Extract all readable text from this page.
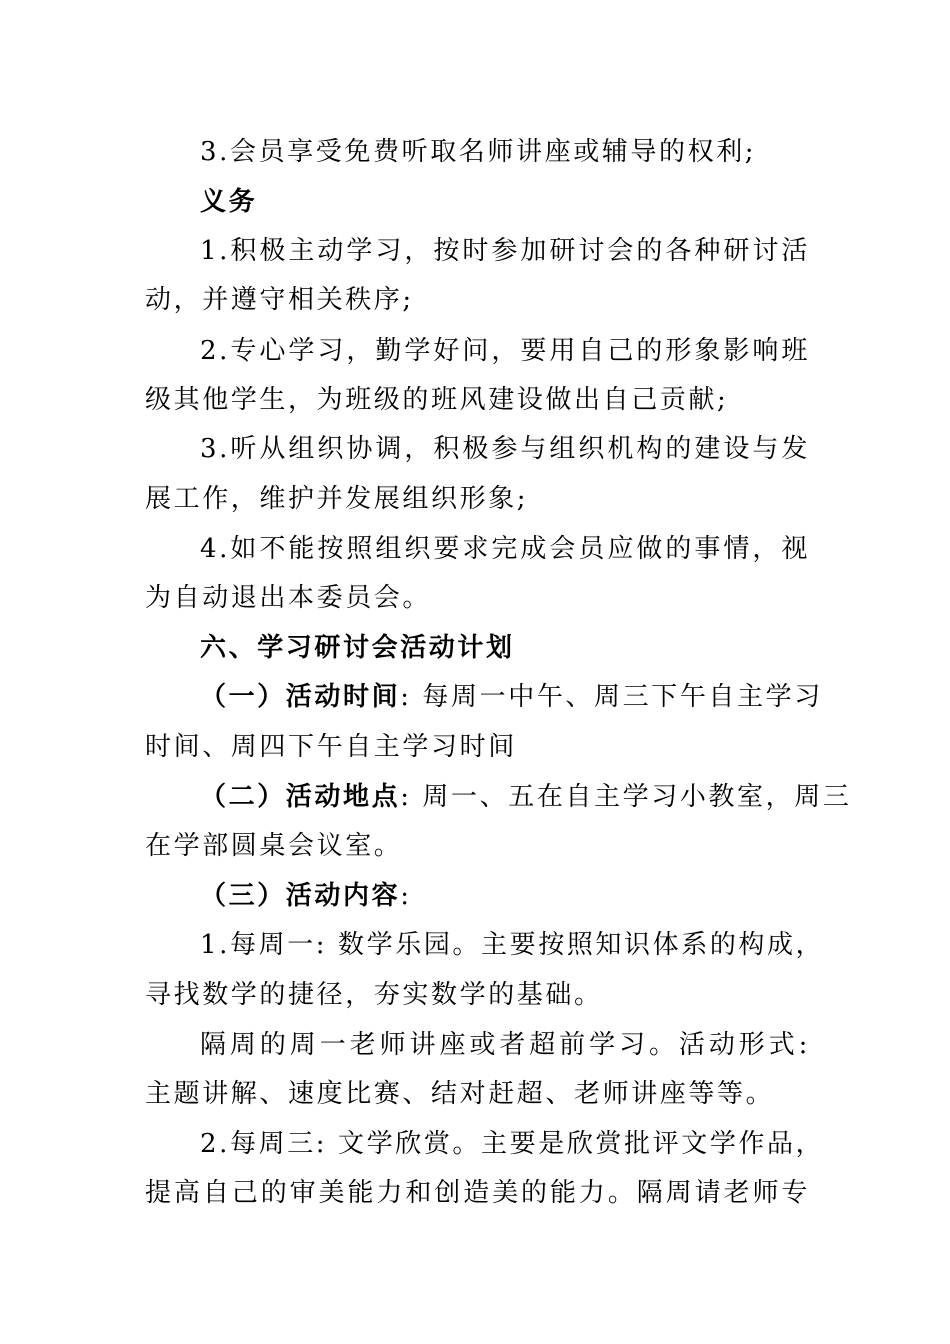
3.会员享受免费听取名师讲座或辅导的权利;
义务
1.积极主动学习，按时参加研讨会的各种研讨活
动，并遵守相关秩序;
2.专心学习，勤学好问，要用自己的形象影响班
级其他学生，为班级的班风建设做出自己贡献;
3.听从组织协调，积极参与组织机构的建设与发
展工作，维护并发展组织形象;
4.如不能按照组织要求完成会员应做的事情，视
为自动退出本委员会。
六、学习研讨会活动计划
（一）活动时间: 每周一中午、周三下午自主学习
时间、周四下午自主学习时间
（二）活动地点: 周一、五在自主学习小教室，周三
在学部圆桌会议室。
（三）活动内容:
1.每周一: 数学乐园。主要按照知识体系的构成，
寻找数学的捷径，夯实数学的基础。
隔周的周一老师讲座或者超前学习。活动形式:
主题讲解、速度比赛、结对赶超、老师讲座等等。
2.每周三: 文学欣赏。主要是欣赏批评文学作品，
提高自己的审美能力和创造美的能力。隔周请老师专
